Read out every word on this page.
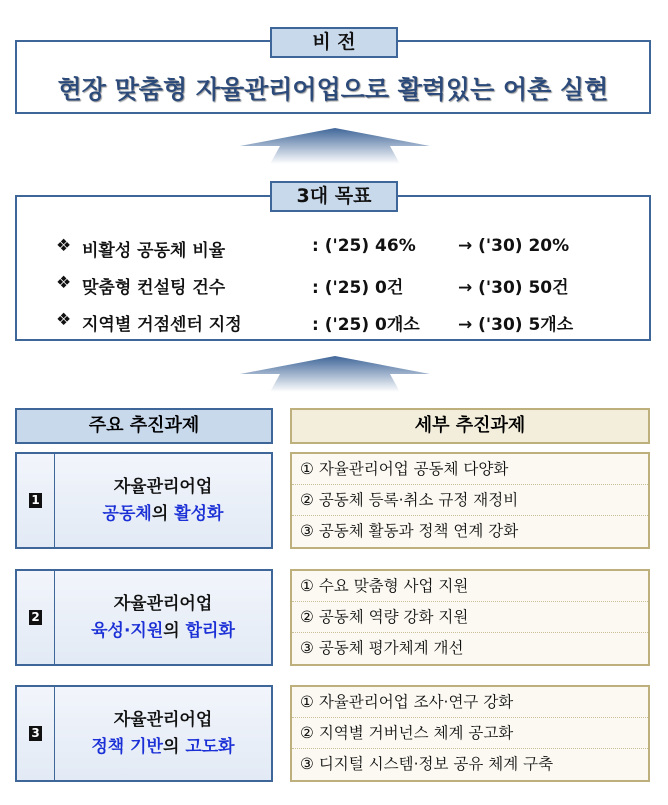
현장 맞춤형 자율관리어업으로 활력있는 어촌 실현
비 전
3대 목표
❖ 비활성 공동체 비율	: ('25) 46%	→ ('30) 20%
❖ 맞춤형 컨설팅 건수	: ('25) 0건	→ ('30) 50건
❖ 지역별 거점센터 지정	: ('25) 0개소	→ ('30) 5개소
주요 추진과제	세부 추진과제
1
자율관리어업
공동체의 활성화
① 자율관리어업 공동체 다양화
② 공동체 등록·취소 규정 재정비
③ 공동체 활동과 정책 연계 강화
2
자율관리어업
육성·지원의 합리화
① 수요 맞춤형 사업 지원
② 공동체 역량 강화 지원
③ 공동체 평가체계 개선
3
자율관리어업
정책 기반의 고도화
① 자율관리어업 조사·연구 강화
② 지역별 거버넌스 체계 공고화
③ 디지털 시스템·정보 공유 체계 구축
